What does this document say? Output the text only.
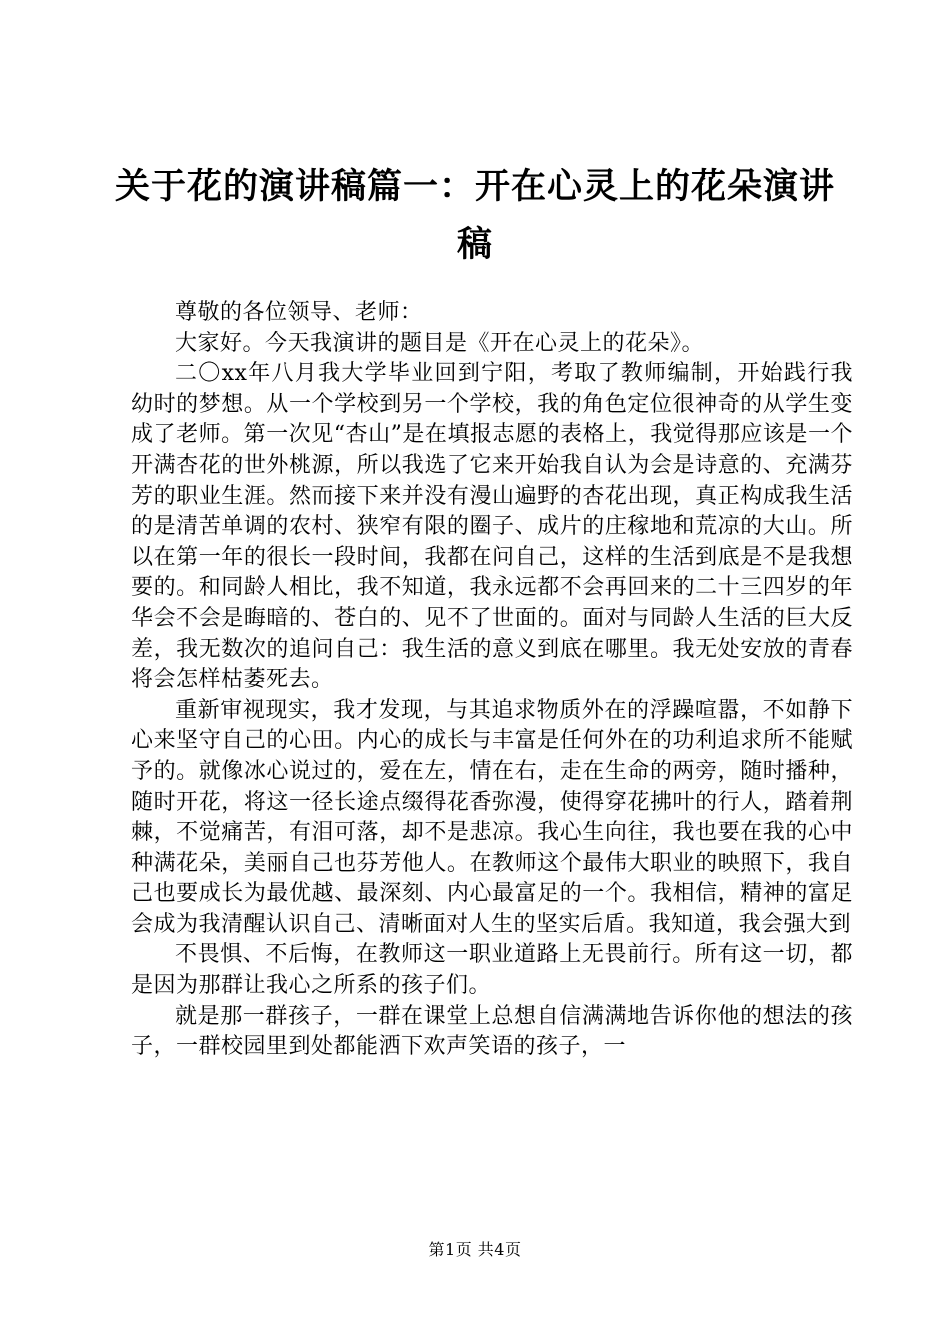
关于花的演讲稿篇一：开在心灵上的花朵演讲稿

尊敬的各位领导、老师：

大家好。今天我演讲的题目是《开在心灵上的花朵》。

二〇xx年八月我大学毕业回到宁阳，考取了教师编制，开始践行我幼时的梦想。从一个学校到另一个学校，我的角色定位很神奇的从学生变成了老师。第一次见“杏山”是在填报志愿的表格上，我觉得那应该是一个开满杏花的世外桃源，所以我选了它来开始我自认为会是诗意的、充满芬芳的职业生涯。然而接下来并没有漫山遍野的杏花出现，真正构成我生活的是清苦单调的农村、狭窄有限的圈子、成片的庄稼地和荒凉的大山。所以在第一年的很长一段时间，我都在问自己，这样的生活到底是不是我想要的。和同龄人相比，我不知道，我永远都不会再回来的二十三四岁的年华会不会是晦暗的、苍白的、见不了世面的。面对与同龄人生活的巨大反差，我无数次的追问自己：我生活的意义到底在哪里。我无处安放的青春将会怎样枯萎死去。

重新审视现实，我才发现，与其追求物质外在的浮躁喧嚣，不如静下心来坚守自己的心田。内心的成长与丰富是任何外在的功利追求所不能赋予的。就像冰心说过的，爱在左，情在右，走在生命的两旁，随时播种，随时开花，将这一径长途点缀得花香弥漫，使得穿花拂叶的行人，踏着荆棘，不觉痛苦，有泪可落，却不是悲凉。我心生向往，我也要在我的心中种满花朵，美丽自己也芬芳他人。在教师这个最伟大职业的映照下，我自己也要成长为最优越、最深刻、内心最富足的一个。我相信，精神的富足会成为我清醒认识自己、清晰面对人生的坚实后盾。我知道，我会强大到

不畏惧、不后悔，在教师这一职业道路上无畏前行。所有这一切，都是因为那群让我心之所系的孩子们。

就是那一群孩子，一群在课堂上总想自信满满地告诉你他的想法的孩子，一群校园里到处都能洒下欢声笑语的孩子，一

第1页 共4页
